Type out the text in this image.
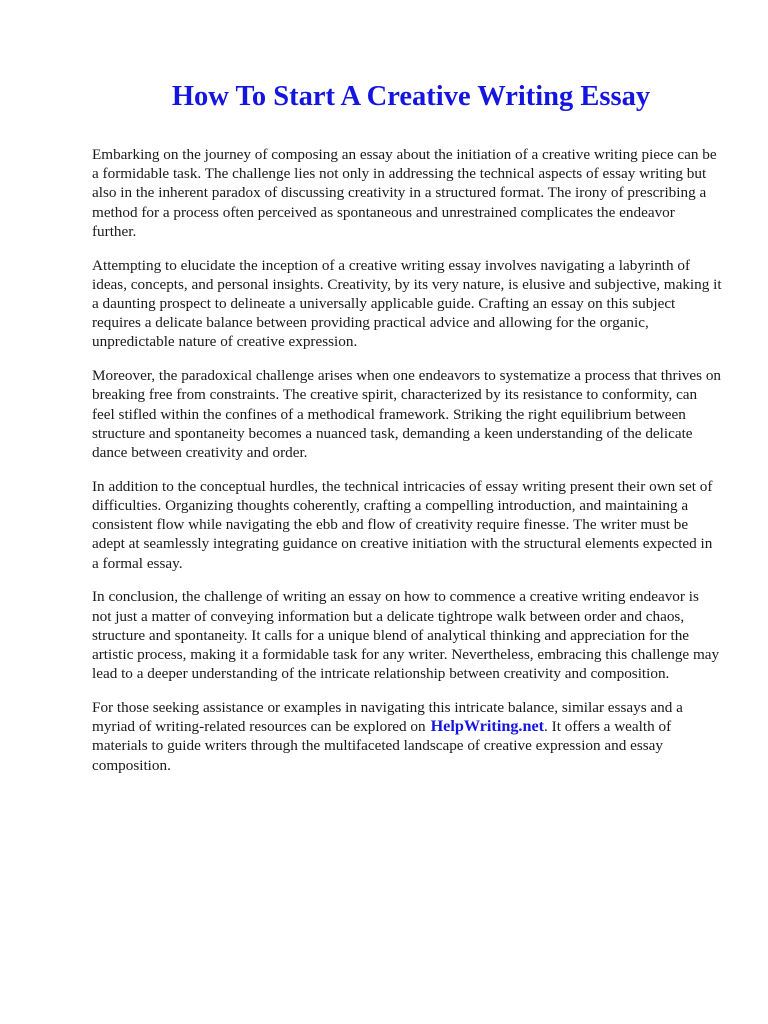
How To Start A Creative Writing Essay

Embarking on the journey of composing an essay about the initiation of a creative writing piece can be a formidable task. The challenge lies not only in addressing the technical aspects of essay writing but also in the inherent paradox of discussing creativity in a structured format. The irony of prescribing a method for a process often perceived as spontaneous and unrestrained complicates the endeavor further.

Attempting to elucidate the inception of a creative writing essay involves navigating a labyrinth of ideas, concepts, and personal insights. Creativity, by its very nature, is elusive and subjective, making it a daunting prospect to delineate a universally applicable guide. Crafting an essay on this subject requires a delicate balance between providing practical advice and allowing for the organic, unpredictable nature of creative expression.

Moreover, the paradoxical challenge arises when one endeavors to systematize a process that thrives on breaking free from constraints. The creative spirit, characterized by its resistance to conformity, can feel stifled within the confines of a methodical framework. Striking the right equilibrium between structure and spontaneity becomes a nuanced task, demanding a keen understanding of the delicate dance between creativity and order.

In addition to the conceptual hurdles, the technical intricacies of essay writing present their own set of difficulties. Organizing thoughts coherently, crafting a compelling introduction, and maintaining a consistent flow while navigating the ebb and flow of creativity require finesse. The writer must be adept at seamlessly integrating guidance on creative initiation with the structural elements expected in a formal essay.

In conclusion, the challenge of writing an essay on how to commence a creative writing endeavor is not just a matter of conveying information but a delicate tightrope walk between order and chaos, structure and spontaneity. It calls for a unique blend of analytical thinking and appreciation for the artistic process, making it a formidable task for any writer. Nevertheless, embracing this challenge may lead to a deeper understanding of the intricate relationship between creativity and composition.

For those seeking assistance or examples in navigating this intricate balance, similar essays and a myriad of writing-related resources can be explored on HelpWriting.net. It offers a wealth of materials to guide writers through the multifaceted landscape of creative expression and essay composition.
